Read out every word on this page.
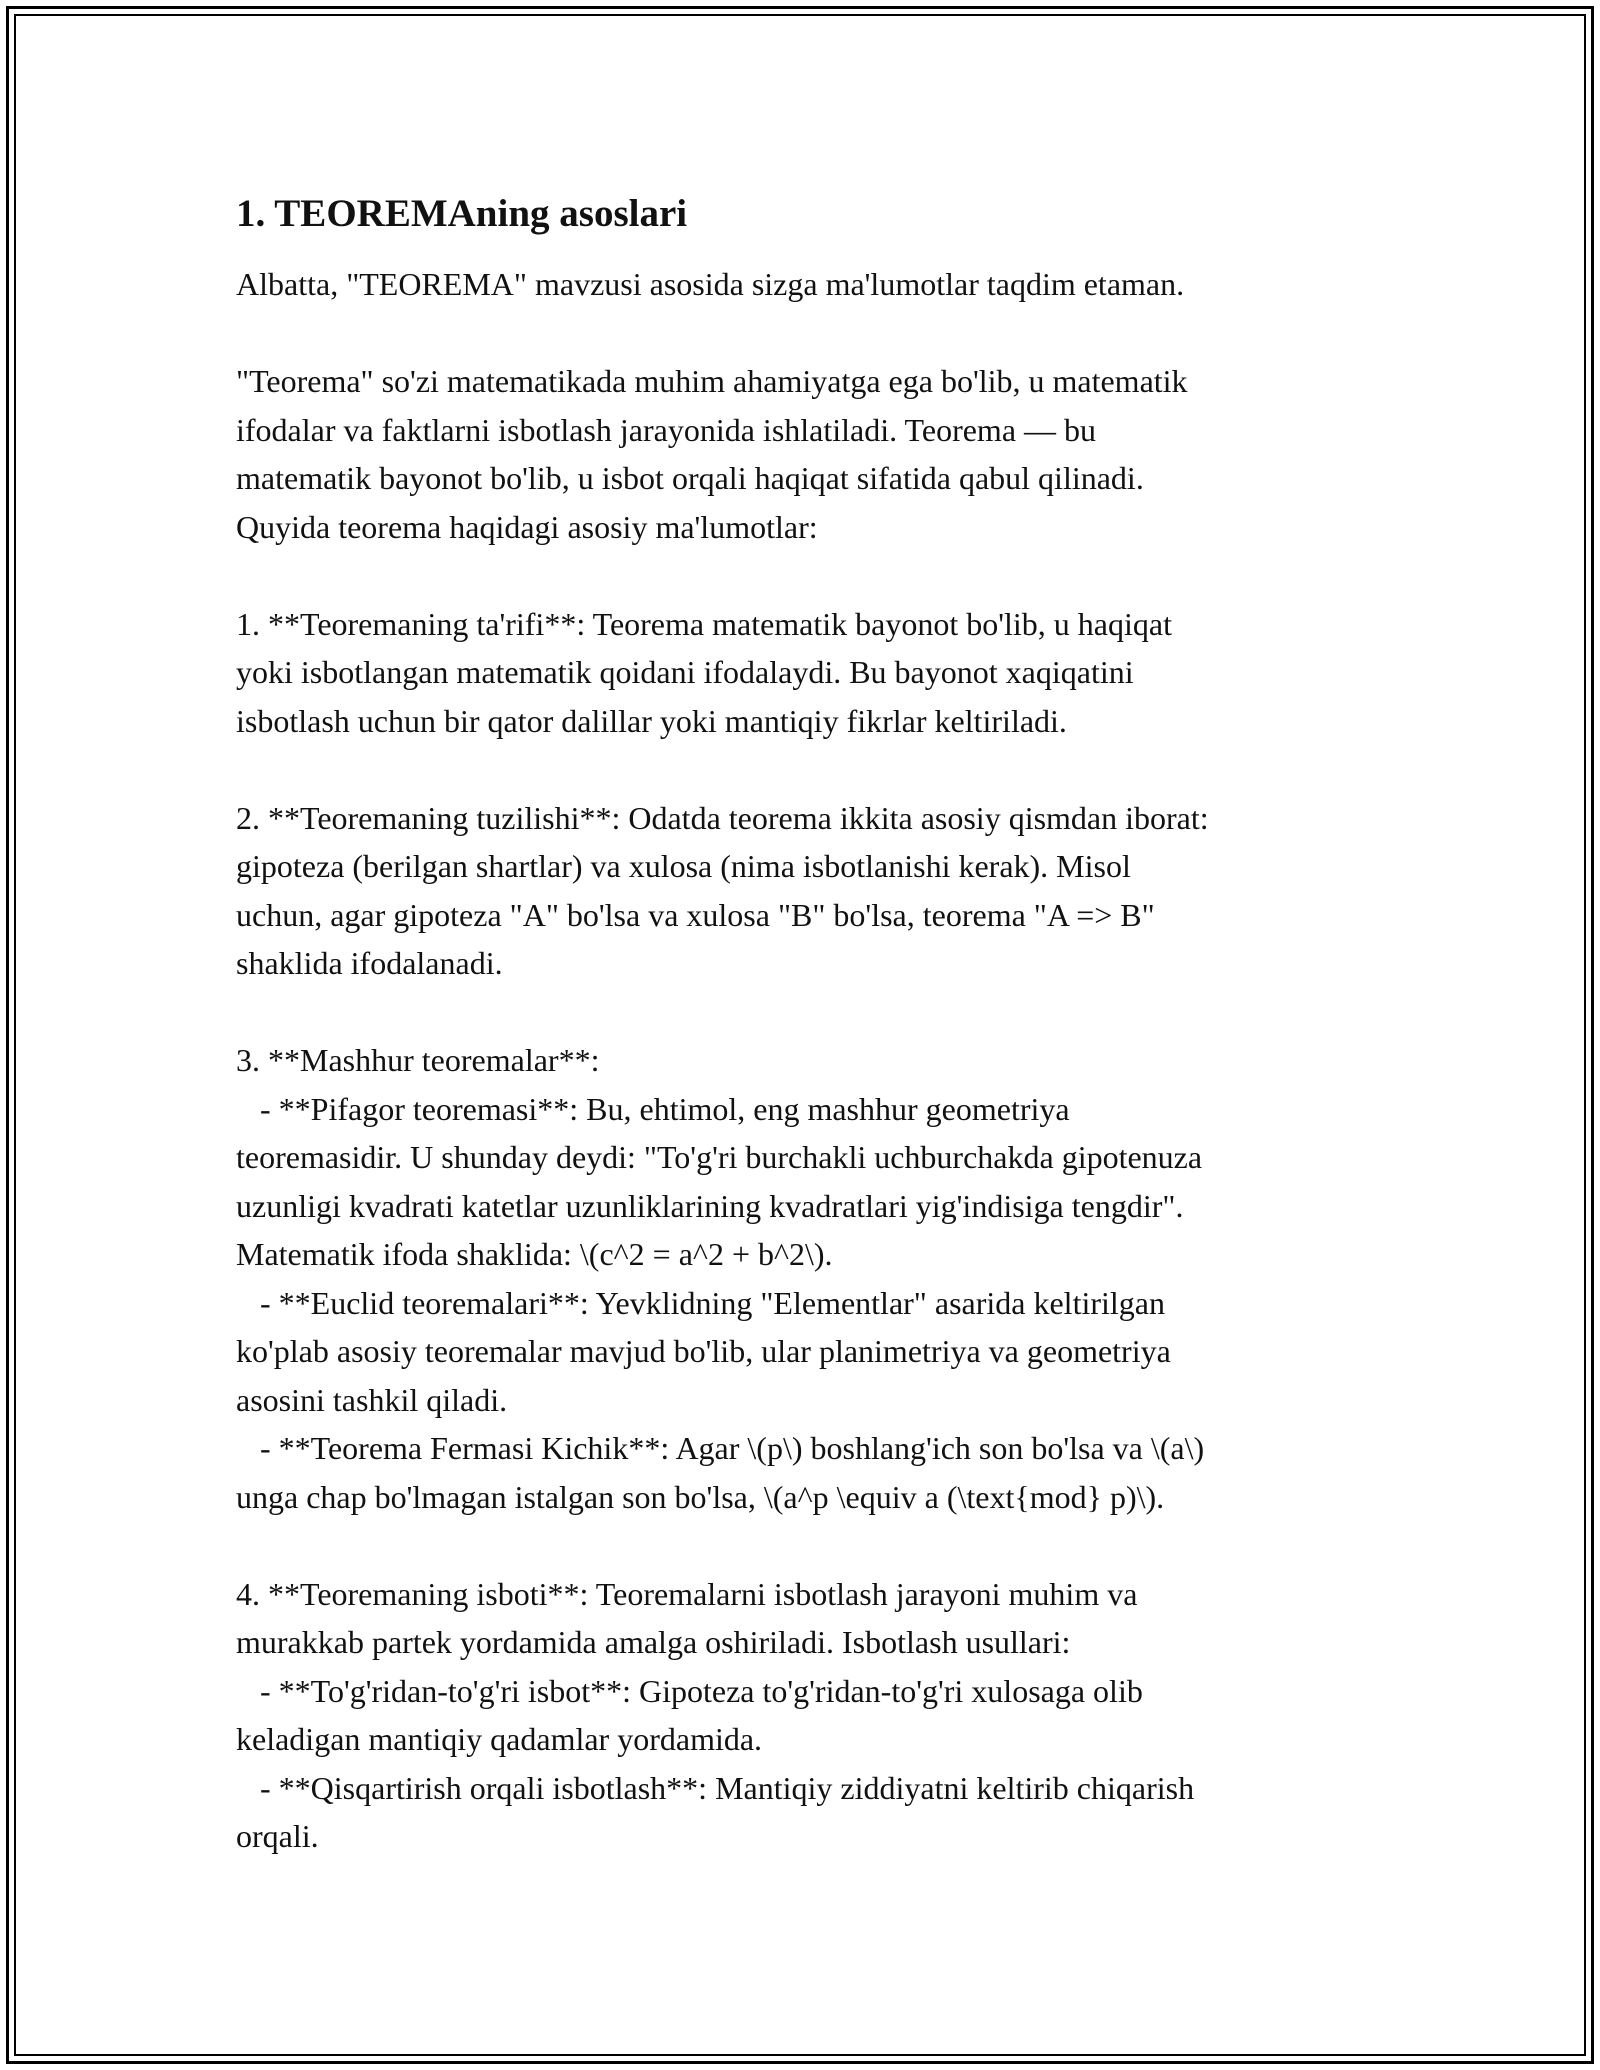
1. TEOREMAning asoslari
Albatta, "TEOREMA" mavzusi asosida sizga ma'lumotlar taqdim etaman.
"Teorema" so'zi matematikada muhim ahamiyatga ega bo'lib, u matematik
ifodalar va faktlarni isbotlash jarayonida ishlatiladi. Teorema — bu
matematik bayonot bo'lib, u isbot orqali haqiqat sifatida qabul qilinadi.
Quyida teorema haqidagi asosiy ma'lumotlar:
1. **Teoremaning ta'rifi**: Teorema matematik bayonot bo'lib, u haqiqat
yoki isbotlangan matematik qoidani ifodalaydi. Bu bayonot xaqiqatini
isbotlash uchun bir qator dalillar yoki mantiqiy fikrlar keltiriladi.
2. **Teoremaning tuzilishi**: Odatda teorema ikkita asosiy qismdan iborat:
gipoteza (berilgan shartlar) va xulosa (nima isbotlanishi kerak). Misol
uchun, agar gipoteza "A" bo'lsa va xulosa "B" bo'lsa, teorema "A => B"
shaklida ifodalanadi.
3. **Mashhur teoremalar**:
- **Pifagor teoremasi**: Bu, ehtimol, eng mashhur geometriya
teoremasidir. U shunday deydi: "To'g'ri burchakli uchburchakda gipotenuza
uzunligi kvadrati katetlar uzunliklarining kvadratlari yig'indisiga tengdir".
Matematik ifoda shaklida: \(c^2 = a^2 + b^2\).
- **Euclid teoremalari**: Yevklidning "Elementlar" asarida keltirilgan
ko'plab asosiy teoremalar mavjud bo'lib, ular planimetriya va geometriya
asosini tashkil qiladi.
- **Teorema Fermasi Kichik**: Agar \(p\) boshlang'ich son bo'lsa va \(a\)
unga chap bo'lmagan istalgan son bo'lsa, \(a^p \equiv a (\text{mod} p)\).
4. **Teoremaning isboti**: Teoremalarni isbotlash jarayoni muhim va
murakkab partek yordamida amalga oshiriladi. Isbotlash usullari:
- **To'g'ridan-to'g'ri isbot**: Gipoteza to'g'ridan-to'g'ri xulosaga olib
keladigan mantiqiy qadamlar yordamida.
- **Qisqartirish orqali isbotlash**: Mantiqiy ziddiyatni keltirib chiqarish
orqali.
